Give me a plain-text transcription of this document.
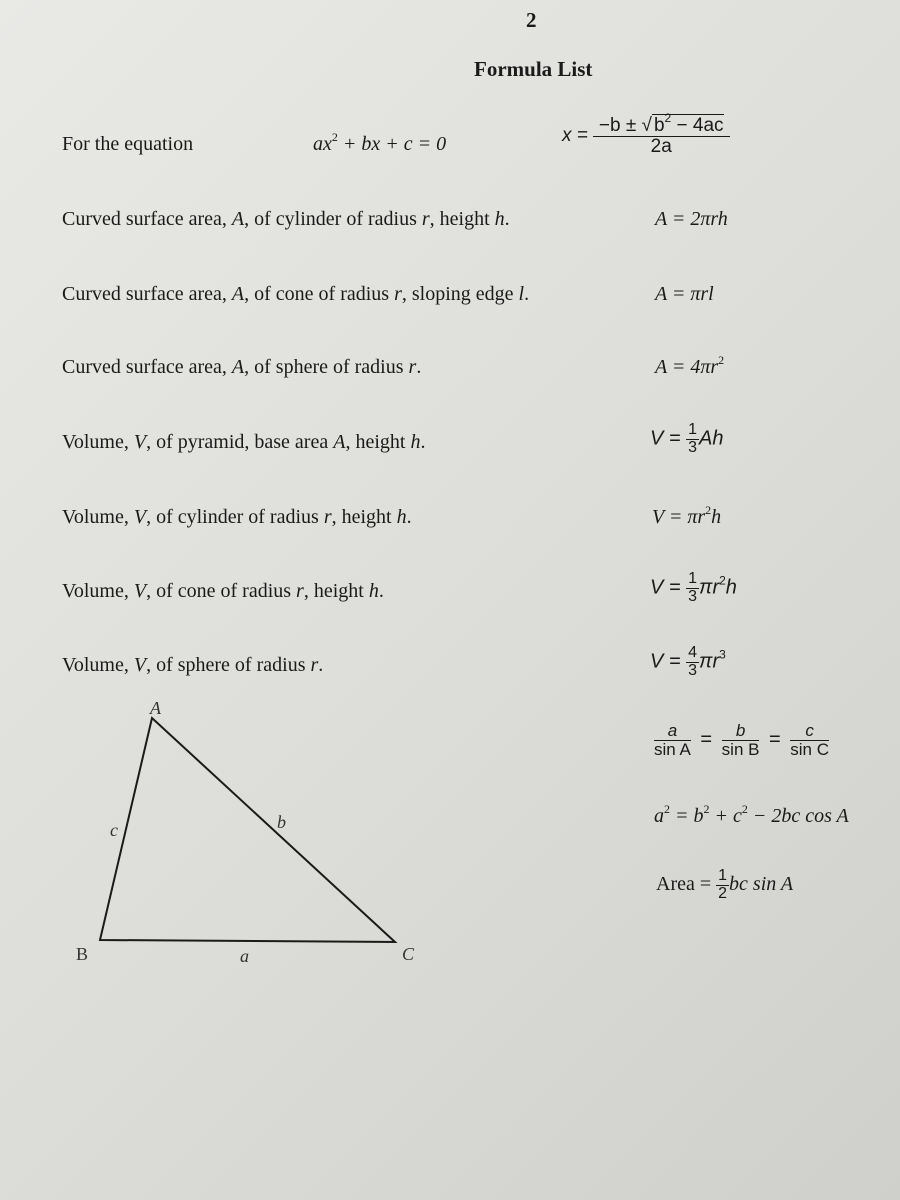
2
Formula List
For the equation	$ax^2$ + bx + c = 0	$x = \frac{-b \pm √ b^2 - 4ac}{2a}$
Curved surface area, A, of cylinder of radius r, height h.	A = 2πrh
Curved surface area, A, of cone of radius r, sloping edge l.	A = πrl
Curved surface area, A, of sphere of radius r.	$A = 4\pi r^2$
Volume, V, of pyramid, base area A, height h.	$V = \frac{1}{3}$ Ah
Volume, V, of cylinder of radius r, height h.	$V = \pi r^2h$
Volume, V, of cone of radius r, height h.	$V = \frac{1}{3} \pi r^2h$
Volume, V, of sphere of radius r.	$V = \frac{4}{3} \pi r^3$
$\frac{a}{\text{sin A}} = \frac{b}{\text{sin B}} = \frac{c}{\text{sin C}}$
$a^2 = b^2 + c^2 - 2bc$ cos A
Area = $\frac{1}{2}$ bc sin A
A
B	C
a
b
c
